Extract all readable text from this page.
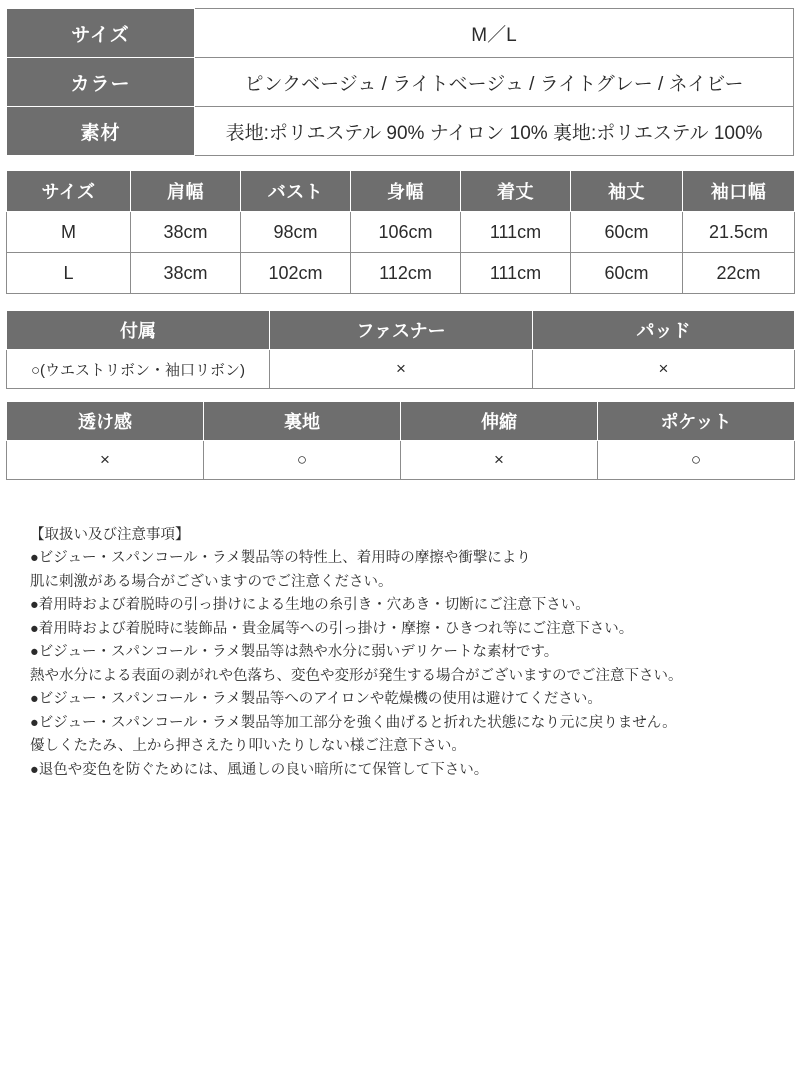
サイズ	M／L
カラー	ピンクベージュ / ライトベージュ / ライトグレー / ネイビー
素材	表地:ポリエステル 90% ナイロン 10% 裏地:ポリエステル 100%
サイズ	肩幅	バスト	身幅	着丈	袖丈	袖口幅
M	38cm	98cm	106cm	111cm	60cm	21.5cm
L	38cm	102cm	112cm	111cm	60cm	22cm
付属	ファスナー	パッド
○(ウエストリボン・袖口リボン)	×	×
透け感	裏地	伸縮	ポケット
×	○	×	○
【取扱い及び注意事項】
●ビジュー・スパンコール・ラメ製品等の特性上、着用時の摩擦や衝撃により
肌に刺激がある場合がございますのでご注意ください。
●着用時および着脱時の引っ掛けによる生地の糸引き・穴あき・切断にご注意下さい。
●着用時および着脱時に装飾品・貴金属等への引っ掛け・摩擦・ひきつれ等にご注意下さい。
●ビジュー・スパンコール・ラメ製品等は熱や水分に弱いデリケートな素材です。
熱や水分による表面の剥がれや色落ち、変色や変形が発生する場合がございますのでご注意下さい。
●ビジュー・スパンコール・ラメ製品等へのアイロンや乾燥機の使用は避けてください。
●ビジュー・スパンコール・ラメ製品等加工部分を強く曲げると折れた状態になり元に戻りません。
優しくたたみ、上から押さえたり叩いたりしない様ご注意下さい。
●退色や変色を防ぐためには、風通しの良い暗所にて保管して下さい。
